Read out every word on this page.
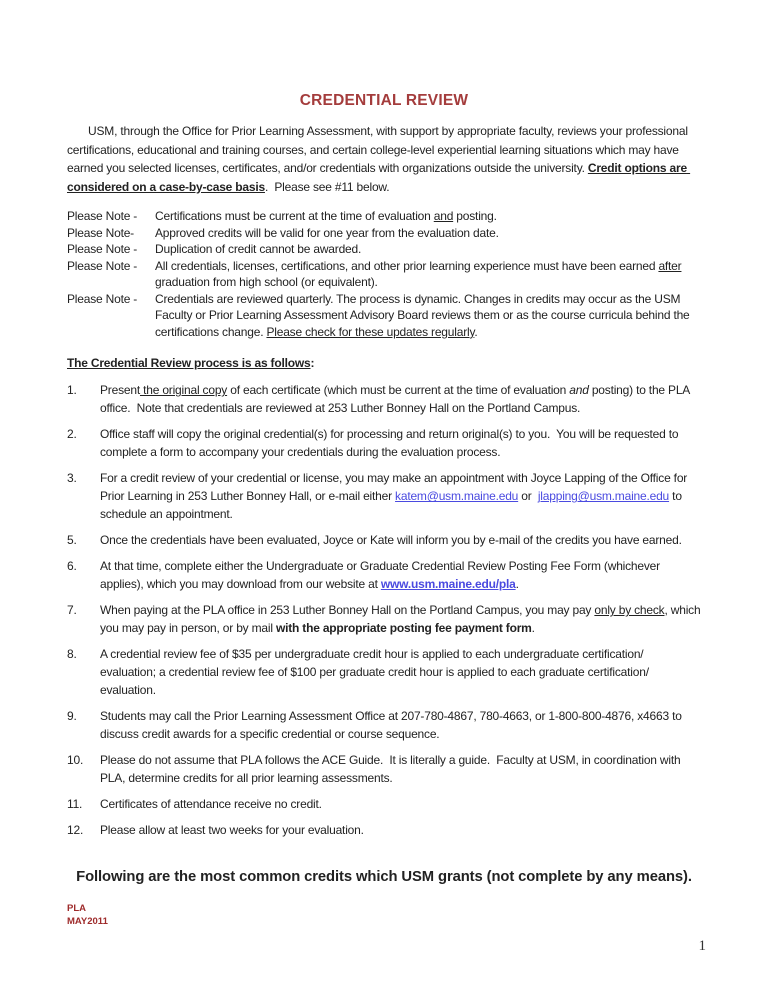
CREDENTIAL REVIEW

USM, through the Office for Prior Learning Assessment, with support by appropriate faculty, reviews your professional certifications, educational and training courses, and certain college-level experiential learning situations which may have earned you selected licenses, certificates, and/or credentials with organizations outside the university. Credit options are considered on a case-by-case basis.  Please see #11 below.

Please Note -	Certifications must be current at the time of evaluation and posting.
Please Note-	Approved credits will be valid for one year from the evaluation date.
Please Note -	Duplication of credit cannot be awarded.
Please Note -	All credentials, licenses, certifications, and other prior learning experience must have been earned after graduation from high school (or equivalent).
Please Note -	Credentials are reviewed quarterly. The process is dynamic. Changes in credits may occur as the USM Faculty or Prior Learning Assessment Advisory Board reviews them or as the course curricula behind the certifications change. Please check for these updates regularly.
The Credential Review process is as follows:
1.	Present the original copy of each certificate (which must be current at the time of evaluation and posting) to the PLA office.  Note that credentials are reviewed at 253 Luther Bonney Hall on the Portland Campus.
2.	Office staff will copy the original credential(s) for processing and return original(s) to you.  You will be requested to complete a form to accompany your credentials during the evaluation process.
3.	For a credit review of your credential or license, you may make an appointment with Joyce Lapping of the Office for Prior Learning in 253 Luther Bonney Hall, or e-mail either katem@usm.maine.edu or  jlapping@usm.maine.edu to schedule an appointment.
5.	Once the credentials have been evaluated, Joyce or Kate will inform you by e-mail of the credits you have earned.
6.	At that time, complete either the Undergraduate or Graduate Credential Review Posting Fee Form (whichever applies), which you may download from our website at www.usm.maine.edu/pla.
7.	When paying at the PLA office in 253 Luther Bonney Hall on the Portland Campus, you may pay only by check, which you may pay in person, or by mail with the appropriate posting fee payment form.
8.	A credential review fee of $35 per undergraduate credit hour is applied to each undergraduate certification/ evaluation; a credential review fee of $100 per graduate credit hour is applied to each graduate certification/ evaluation.
9.	Students may call the Prior Learning Assessment Office at 207-780-4867, 780-4663, or 1-800-800-4876, x4663 to discuss credit awards for a specific credential or course sequence.
10.	Please do not assume that PLA follows the ACE Guide.  It is literally a guide.  Faculty at USM, in coordination with PLA, determine credits for all prior learning assessments.
11.	Certificates of attendance receive no credit.
12.	Please allow at least two weeks for your evaluation.
Following are the most common credits which USM grants (not complete by any means).
PLA
MAY2011
1
